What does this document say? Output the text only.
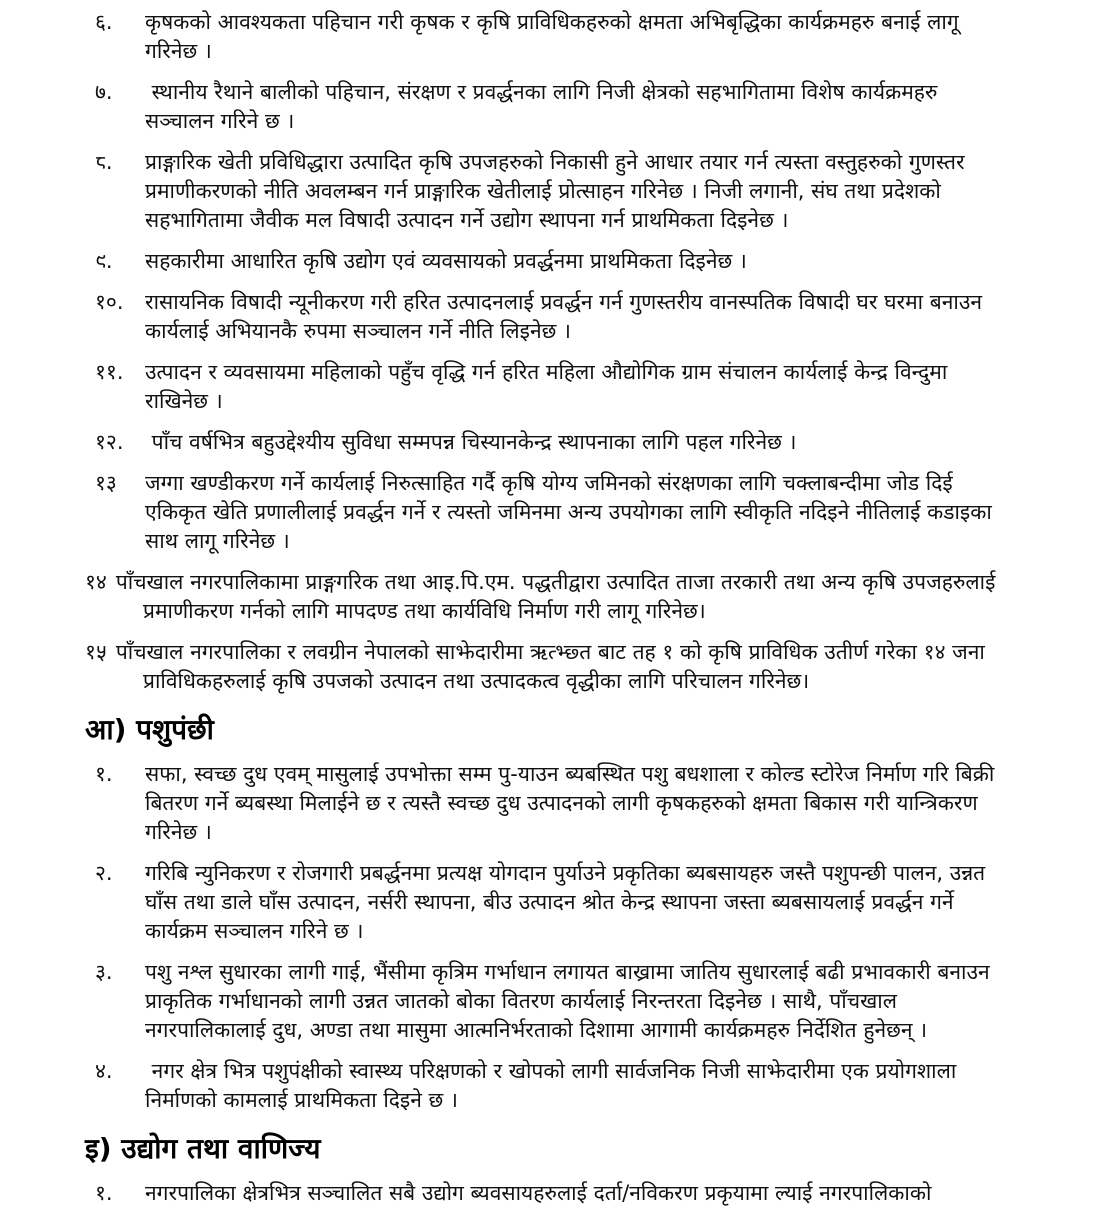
६.	कृषकको आवश्यकता पहिचान गरी कृषक र कृषि प्राविधिकहरुको क्षमता अभिबृद्धिका कार्यक्रमहरु बनाई लागू गरिनेछ ।
७.	स्थानीय रैथाने बालीको पहिचान, संरक्षण र प्रवर्द्धनका लागि निजी क्षेत्रको सहभागितामा विशेष कार्यक्रमहरु सञ्चालन गरिने छ ।
८.	प्राङ्गारिक खेती प्रविधिद्धारा उत्पादित कृषि उपजहरुको निकासी हुने आधार तयार गर्न त्यस्ता वस्तुहरुको गुणस्तर प्रमाणीकरणको नीति अवलम्बन गर्न प्राङ्गारिक खेतीलाई प्रोत्साहन गरिनेछ । निजी लगानी, संघ तथा प्रदेशको सहभागितामा जैवीक मल विषादी उत्पादन गर्ने उद्योग स्थापना गर्न प्राथमिकता दिइनेछ ।
९.	सहकारीमा आधारित कृषि उद्योग एवं व्यवसायको प्रवर्द्धनमा प्राथमिकता दिइनेछ ।
१०.	रासायनिक विषादी न्यूनीकरण गरी हरित उत्पादनलाई प्रवर्द्धन गर्न गुणस्तरीय वानस्पतिक विषादी घर घरमा बनाउन कार्यलाई अभियानकै रुपमा सञ्चालन गर्ने नीति लिइनेछ ।
११.	उत्पादन र व्यवसायमा महिलाको पहुँच वृद्धि गर्न हरित महिला औद्योगिक ग्राम संचालन कार्यलाई केन्द्र विन्दुमा राखिनेछ ।
१२.	पाँच वर्षभित्र बहुउद्देश्यीय सुविधा सम्मपन्न चिस्यानकेन्द्र स्थापनाका लागि पहल गरिनेछ ।
१३	जग्गा खण्डीकरण गर्ने कार्यलाई निरुत्साहित गर्दै कृषि योग्य जमिनको संरक्षणका लागि चक्लाबन्दीमा जोड दिई एकिकृत खेति प्रणालीलाई प्रवर्द्धन गर्ने र त्यस्तो जमिनमा अन्य उपयोगका लागि स्वीकृति नदिइने नीतिलाई कडाइका साथ लागू गरिनेछ ।
१४ पाँचखाल नगरपालिकामा प्राङ्गगरिक तथा आइ.पि.एम. पद्धतीद्वारा उत्पादित ताजा तरकारी तथा अन्य कृषि उपजहरुलाई प्रमाणीकरण गर्नको लागि मापदण्ड तथा कार्यविधि निर्माण गरी लागू गरिनेछ।
१५ पाँचखाल नगरपालिका र लवग्रीन नेपालको साझेदारीमा ऋत्भ्छ्त बाट तह १ को कृषि प्राविधिक उतीर्ण गरेका १४ जना प्राविधिकहरुलाई कृषि उपजको उत्पादन तथा उत्पादकत्व वृद्धीका लागि परिचालन गरिनेछ।
आ) पशुपंछी
१.	सफा, स्वच्छ दुध एवम् मासुलाई उपभोक्ता सम्म पु-याउन ब्यबस्थित पशु बधशाला र कोल्ड स्टोरेज निर्माण गरि बिक्री बितरण गर्ने ब्यबस्था मिलाईने छ र त्यस्तै स्वच्छ दुध उत्पादनको लागी कृषकहरुको क्षमता बिकास गरी यान्त्रिकरण गरिनेछ ।
२.	गरिबि न्युनिकरण र रोजगारी प्रबर्द्धनमा प्रत्यक्ष योगदान पुर्याउने प्रकृतिका ब्यबसायहरु जस्तै पशुपन्छी पालन, उन्नत घाँस तथा डाले घाँस उत्पादन, नर्सरी स्थापना, बीउ उत्पादन श्रोत केन्द्र स्थापना जस्ता ब्यबसायलाई प्रवर्द्धन गर्ने कार्यक्रम सञ्चालन गरिने छ ।
३.	पशु नश्ल सुधारका लागी गाई, भैंसीमा कृत्रिम गर्भाधान लगायत बाख्रामा जातिय सुधारलाई बढी प्रभावकारी बनाउन प्राकृतिक गर्भाधानको लागी उन्नत जातको बोका वितरण कार्यलाई निरन्तरता दिइनेछ । साथै, पाँचखाल नगरपालिकालाई दुध, अण्डा तथा मासुमा आत्मनिर्भरताको दिशामा आगामी कार्यक्रमहरु निर्देशित हुनेछन् ।
४.	नगर क्षेत्र भित्र पशुपंक्षीको स्वास्थ्य परिक्षणको र खोपको लागी सार्वजनिक निजी साझेदारीमा एक प्रयोगशाला निर्माणको कामलाई प्राथमिकता दिइने छ ।
इ) उद्योग तथा वाणिज्य
१.	नगरपालिका क्षेत्रभित्र सञ्चालित सबै उद्योग ब्यवसायहरुलाई दर्ता/नविकरण प्रकृयामा ल्याई नगरपालिकाको
